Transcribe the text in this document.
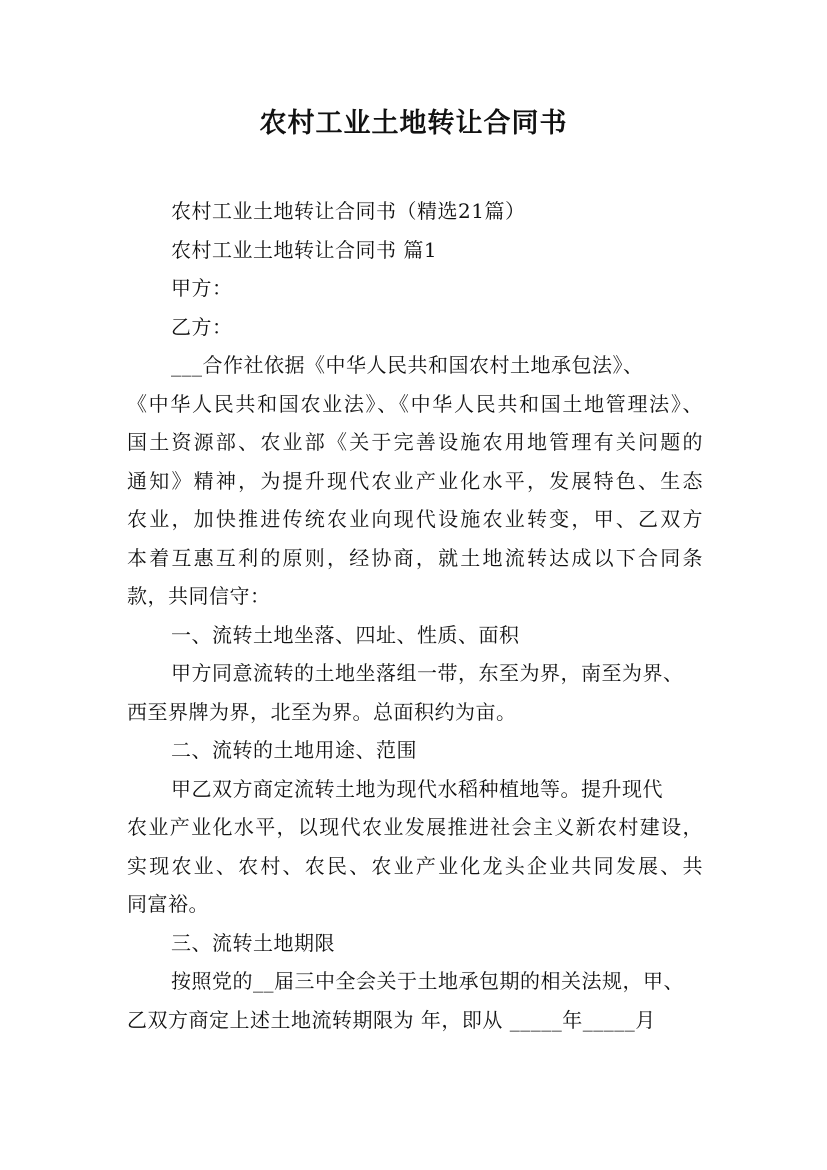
农村工业土地转让合同书
农村工业土地转让合同书（精选21篇）
农村工业土地转让合同书 篇1
甲方：
乙方：
___合作社依据《中华人民共和国农村土地承包法》、
《中华人民共和国农业法》、《中华人民共和国土地管理法》、
国土资源部、农业部《关于完善设施农用地管理有关问题的
通知》精神，为提升现代农业产业化水平，发展特色、生态
农业，加快推进传统农业向现代设施农业转变，甲、乙双方
本着互惠互利的原则，经协商，就土地流转达成以下合同条
款，共同信守：
一、流转土地坐落、四址、性质、面积
甲方同意流转的土地坐落组一带，东至为界，南至为界、
西至界牌为界，北至为界。总面积约为亩。
二、流转的土地用途、范围
甲乙双方商定流转土地为现代水稻种植地等。提升现代
农业产业化水平，以现代农业发展推进社会主义新农村建设，
实现农业、农村、农民、农业产业化龙头企业共同发展、共
同富裕。
三、流转土地期限
按照党的__届三中全会关于土地承包期的相关法规，甲、
乙双方商定上述土地流转期限为 年，即从 _____年_____月
